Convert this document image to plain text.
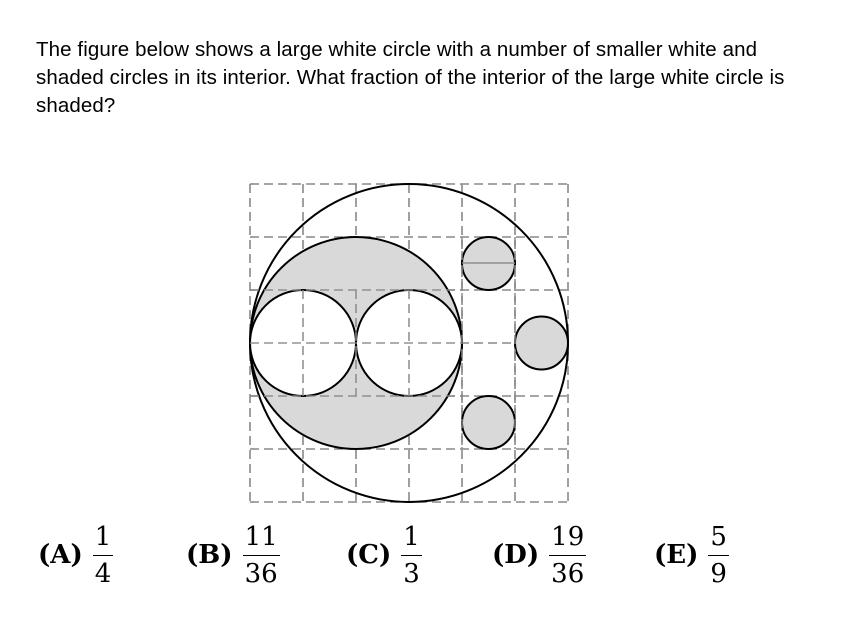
The figure below shows a large white circle with a number of smaller white and shaded circles in its interior. What fraction of the interior of the large white circle is shaded?

$(A) \frac{1}{4}$	$(B) \frac{11}{36}$	$(C) \frac{1}{3}$	$(D) \frac{19}{36}$	$(E) \frac{5}{9}$
